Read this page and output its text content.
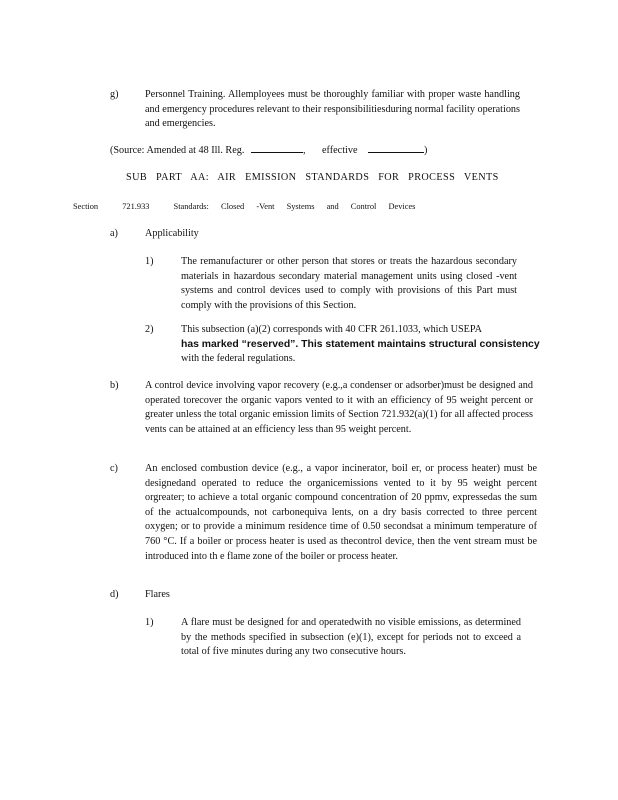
g)	Personnel Training. Allemployees must be thoroughly familiar with proper waste handling and emergency procedures relevant to their responsibilitiesduring normal facility operations and emergencies.
(Source: Amended at 48 Ill. Reg.	, effective	)
SUB PART AA: AIR EMISSION STANDARDS FOR PROCESS VENTS
Section	721.933	Standards: Closed -Vent Systems and Control Devices
a)	Applicability
1)	The remanufacturer or other person that stores or treats the hazardous secondary materials in hazardous secondary material management units using closed -vent systems and control devices used to comply with provisions of this Part must comply with the provisions of this Section.
2)	This subsection (a)(2) corresponds with 40 CFR 261.1033, which USEPA
has marked “reserved”. This statement maintains structural consistency
with the federal regulations.
b)	A control device involving vapor recovery (e.g.,a condenser or adsorber)must be designed and operated torecover the organic vapors vented to it with an efficiency of 95 weight percent or greater unless the total organic emission limits of Section 721.932(a)(1) for all affected process vents can be attained at an efficiency less than 95 weight percent.
c)	An enclosed combustion device (e.g., a vapor incinerator, boil er, or process heater) must be designedand operated to reduce the organicemissions vented to it by 95 weight percent orgreater; to achieve a total organic compound concentration of 20 ppmv, expressedas the sum of the actualcompounds, not carbonequiva lents, on a dry basis corrected to three percent oxygen; or to provide a minimum residence time of 0.50 secondsat a minimum temperature of 760 °C. If a boiler or process heater is used as thecontrol device, then the vent stream must be introduced into th e flame zone of the boiler or process heater.
d)	Flares
1)	A flare must be designed for and operatedwith no visible emissions, as determined by the methods specified in subsection (e)(1), except for periods not to exceed a total of five minutes during any two consecutive hours.
